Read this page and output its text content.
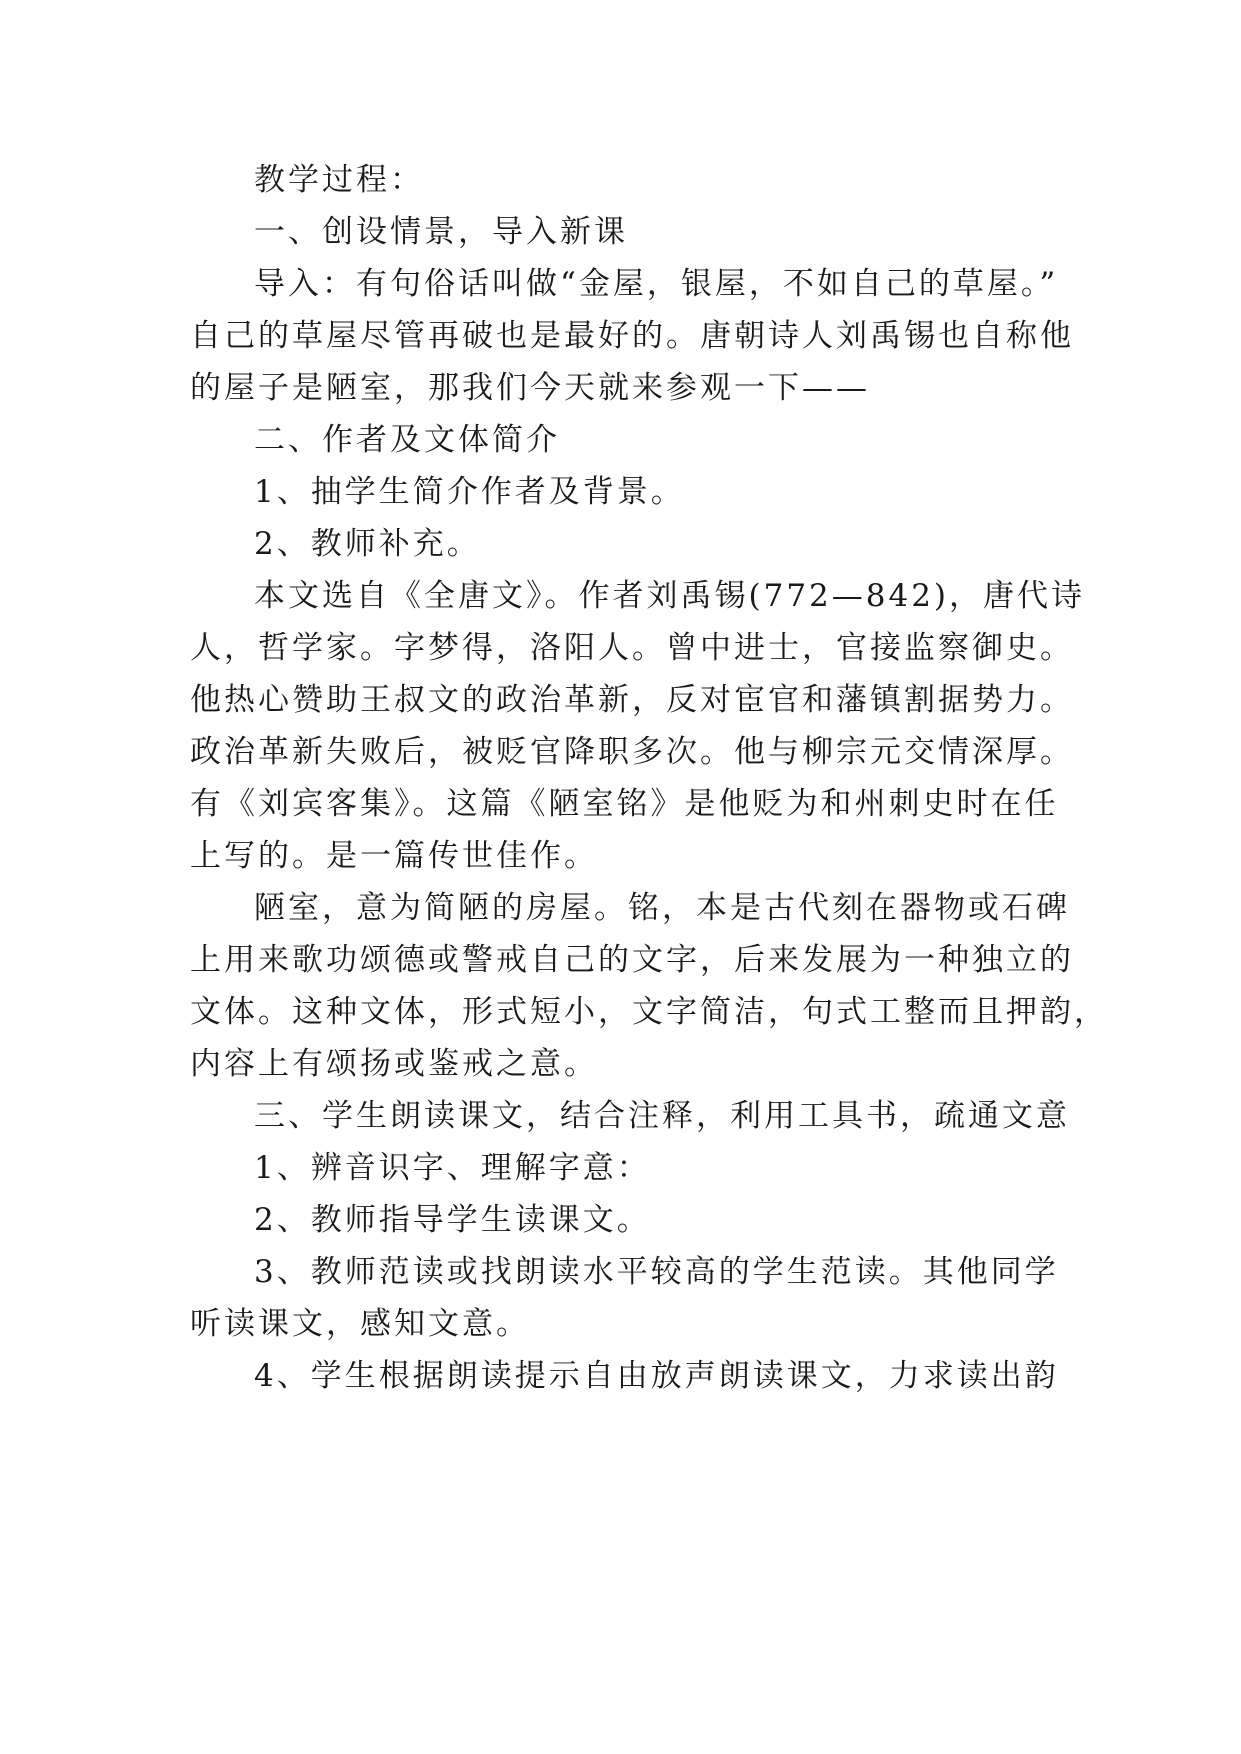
教学过程：
一、创设情景，导入新课
导入：有句俗话叫做“金屋，银屋，不如自己的草屋。”
自己的草屋尽管再破也是最好的。唐朝诗人刘禹锡也自称他
的屋子是陋室，那我们今天就来参观一下——
二、作者及文体简介
1、抽学生简介作者及背景。
2、教师补充。
本文选自《全唐文》。作者刘禹锡(772—842)，唐代诗
人，哲学家。字梦得，洛阳人。曾中进士，官接监察御史。
他热心赞助王叔文的政治革新，反对宦官和藩镇割据势力。
政治革新失败后，被贬官降职多次。他与柳宗元交情深厚。
有《刘宾客集》。这篇《陋室铭》是他贬为和州刺史时在任
上写的。是一篇传世佳作。
陋室，意为简陋的房屋。铭，本是古代刻在器物或石碑
上用来歌功颂德或警戒自己的文字，后来发展为一种独立的
文体。这种文体，形式短小，文字简洁，句式工整而且押韵，
内容上有颂扬或鉴戒之意。
三、学生朗读课文，结合注释，利用工具书，疏通文意
1、辨音识字、理解字意：
2、教师指导学生读课文。
3、教师范读或找朗读水平较高的学生范读。其他同学
听读课文，感知文意。
4、学生根据朗读提示自由放声朗读课文，力求读出韵
